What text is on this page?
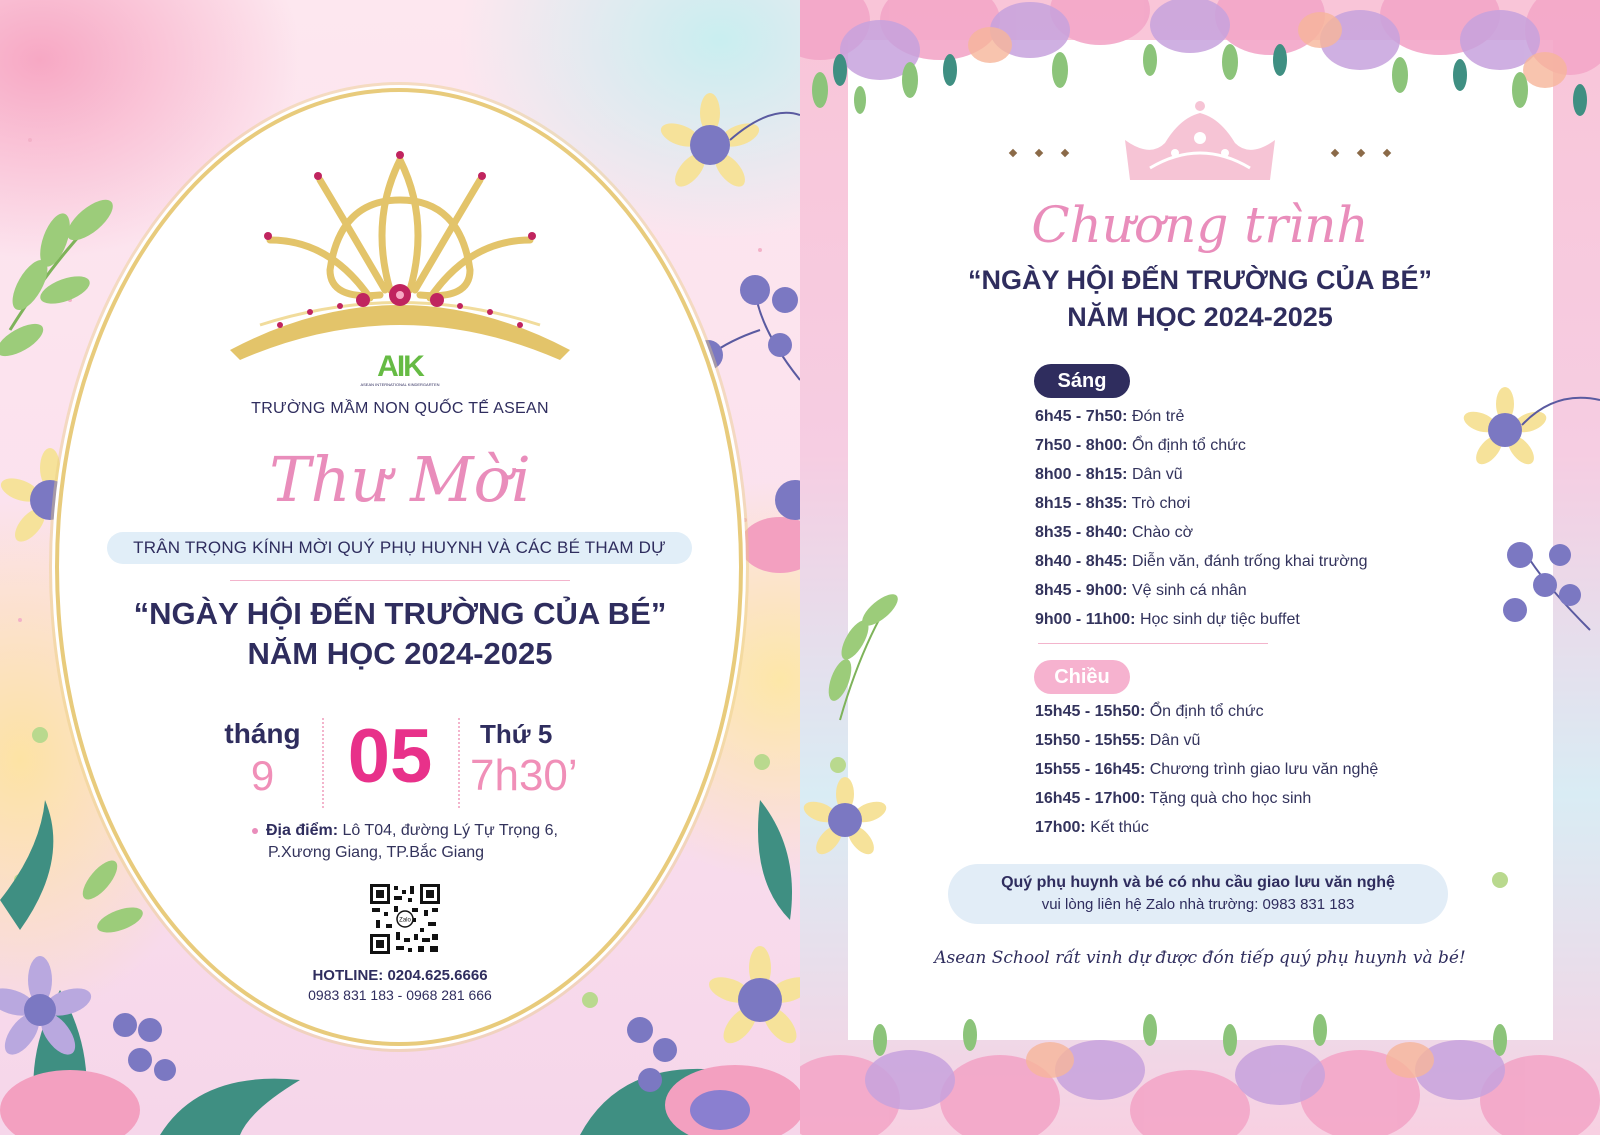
AIK
ASEAN INTERNATIONAL KINDERGARTEN
TRƯỜNG MẦM NON QUỐC TẾ ASEAN
Thư Mời
TRÂN TRỌNG KÍNH MỜI QUÝ PHỤ HUYNH VÀ CÁC BÉ THAM DỰ
“NGÀY HỘI ĐẾN TRƯỜNG CỦA BÉ”
NĂM HỌC 2024-2025
tháng
9 05	Thứ 5
7h30’
Địa điểm: Lô T04, đường Lý Tự Trọng 6,
P.Xương Giang, TP.Bắc Giang
Zalo
HOTLINE: 0204.625.6666
0983 831 183 - 0968 281 666
Chương trình
“NGÀY HỘI ĐẾN TRƯỜNG CỦA BÉ”
NĂM HỌC 2024-2025
Sáng
6h45 - 7h50: Đón trẻ
7h50 - 8h00: Ổn định tổ chức
8h00 - 8h15: Dân vũ
8h15 - 8h35: Trò chơi
8h35 - 8h40: Chào cờ
8h40 - 8h45: Diễn văn, đánh trống khai trường
8h45 - 9h00: Vệ sinh cá nhân
9h00 - 11h00: Học sinh dự tiệc buffet
Chiều
15h45 - 15h50: Ổn định tổ chức
15h50 - 15h55: Dân vũ
15h55 - 16h45: Chương trình giao lưu văn nghệ
16h45 - 17h00: Tặng quà cho học sinh
17h00: Kết thúc
Quý phụ huynh và bé có nhu cầu giao lưu văn nghệ
vui lòng liên hệ Zalo nhà trường: 0983 831 183
Asean School rất vinh dự được đón tiếp quý phụ huynh và bé!
